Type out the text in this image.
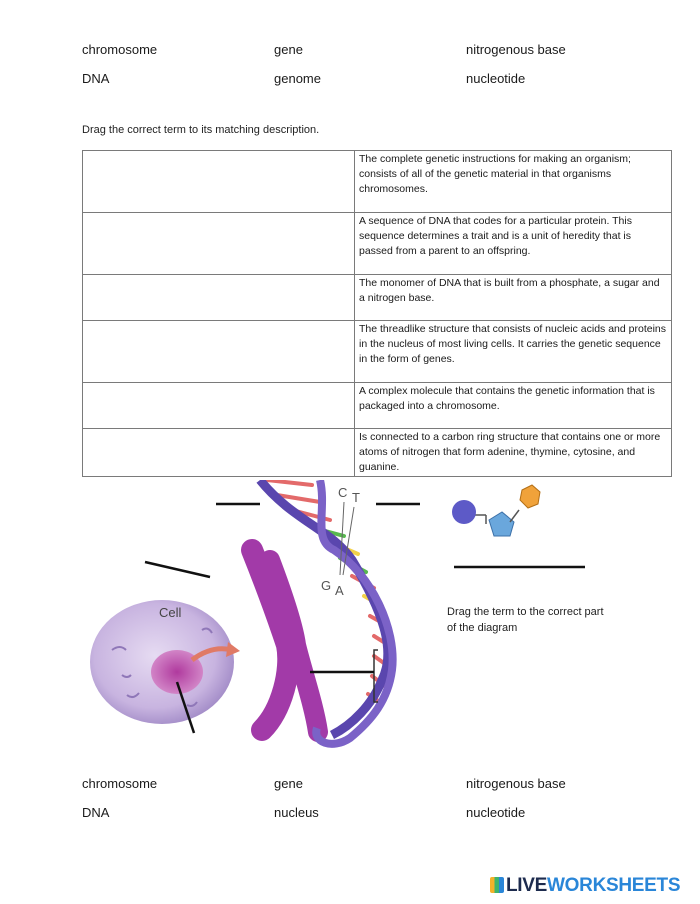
chromosome	gene	nitrogenous base
DNA	genome	nucleotide
Drag the correct term to its matching description.
	The complete genetic instructions for making an organism; consists of all of the genetic material in that organisms chromosomes.
	A sequence of DNA that codes for a particular protein. This sequence determines a trait and is a unit of heredity that is passed from a parent to an offspring.
	The monomer of DNA that is built from a phosphate, a sugar and a nitrogen base.
	The threadlike structure that consists of nucleic acids and proteins in the nucleus of most living cells. It carries the genetic sequence in the form of genes.
	A complex molecule that contains the genetic information that is packaged into a chromosome.
	Is connected to a carbon ring structure that contains one or more atoms of nitrogen that form adenine, thymine, cytosine, and guanine.
Cell
C T
G A
Drag the term to the correct part
of the diagram
chromosome	gene	nitrogenous base
DNA	nucleus	nucleotide
LIVEWORKSHEETS
